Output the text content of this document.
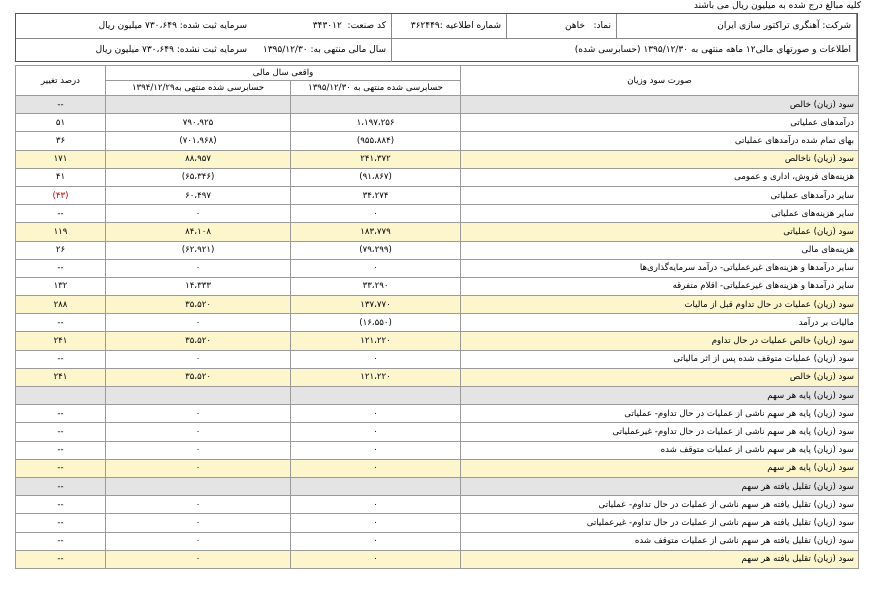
کلیه مبالغ درج شده به میلیون ریال می باشند
شرکت:

آهنگری تراکتور سازی ایران
نماد:

خاهن
شماره اطلاعیه :
۳۶۲۴۴۹
کد صنعت:

۳۴۳۰۱۲
سرمایه ثبت شده:

۷۳۰،۶۴۹ میلیون ریال
اطلاعات و صورتهای مالی۱۲ ماهه منتهی به ۱۳۹۵/۱۲/۳۰ (حسابرسی شده)
سال مالی منتهی به:

۱۳۹۵/۱۲/۳۰
سرمایه ثبت نشده:

۷۳۰،۶۴۹ میلیون ریال
صورت سود وزیان	واقعی سال مالی		درصد تغییر
	حسابرسی شده منتهی به ۱۳۹۵/۱۲/۳۰	حسابرسی شده منتهی به۱۳۹۴/۱۲/۲۹	
سود (زیان) خالص			--
درآمدهای عملیاتی	۱،۱۹۷،۲۵۶	۷۹۰،۹۲۵	۵۱
بهای تمام شده درآمدهای عملیاتی	(۹۵۵،۸۸۴)	(۷۰۱،۹۶۸)	۳۶
سود (زیان) ناخالص	۲۴۱،۳۷۲	۸۸،۹۵۷	۱۷۱
هزینه‌های فروش، اداری و عمومی	(۹۱،۸۶۷)	(۶۵،۳۴۶)	۴۱
سایر درآمدهای عملیاتی	۳۴،۲۷۴	۶۰،۴۹۷	(۴۳)
سایر هزینه‌های عملیاتی	۰	۰	--
سود (زیان) عملیاتی	۱۸۳،۷۷۹	۸۴،۱۰۸	۱۱۹
هزینه‌های مالی	(۷۹،۲۹۹)	(۶۲،۹۲۱)	۲۶
سایر درآمدها و هزینه‌های غیرعملیاتی- درآمد سرمایه‌گذاری‌ها	۰	۰	--
سایر درآمدها و هزینه‌های غیرعملیاتی- اقلام متفرقه	۳۳،۲۹۰	۱۴،۳۳۳	۱۳۲
سود (زیان) عملیات در حال تداوم قبل از مالیات	۱۳۷،۷۷۰	۳۵،۵۲۰	۲۸۸
مالیات بر درآمد	(۱۶،۵۵۰)	۰	--
سود (زیان) خالص عملیات در حال تداوم	۱۲۱،۲۲۰	۳۵،۵۲۰	۲۴۱
سود (زیان) عملیات متوقف شده پس از اثر مالیاتی	۰	۰	--
سود (زیان) خالص	۱۲۱،۲۲۰	۳۵،۵۲۰	۲۴۱
سود (زیان) پایه هر سهم			
سود (زیان) پایه هر سهم ناشی از عملیات در حال تداوم- عملیاتی	۰	۰	--
سود (زیان) پایه هر سهم ناشی از عملیات در حال تداوم- غیرعملیاتی	۰	۰	--
سود (زیان) پایه هر سهم ناشی از عملیات متوقف شده	۰	۰	--
سود (زیان) پایه هر سهم	۰	۰	--
سود (زیان) تقلیل یافته هر سهم			--
سود (زیان) تقلیل یافته هر سهم ناشی از عملیات در حال تداوم- عملیاتی	۰	۰	--
سود (زیان) تقلیل یافته هر سهم ناشی از عملیات در حال تداوم- غیرعملیاتی	۰	۰	--
سود (زیان) تقلیل یافته هر سهم ناشی از عملیات متوقف شده	۰	۰	--
سود (زیان) تقلیل یافته هر سهم	۰	۰	--
